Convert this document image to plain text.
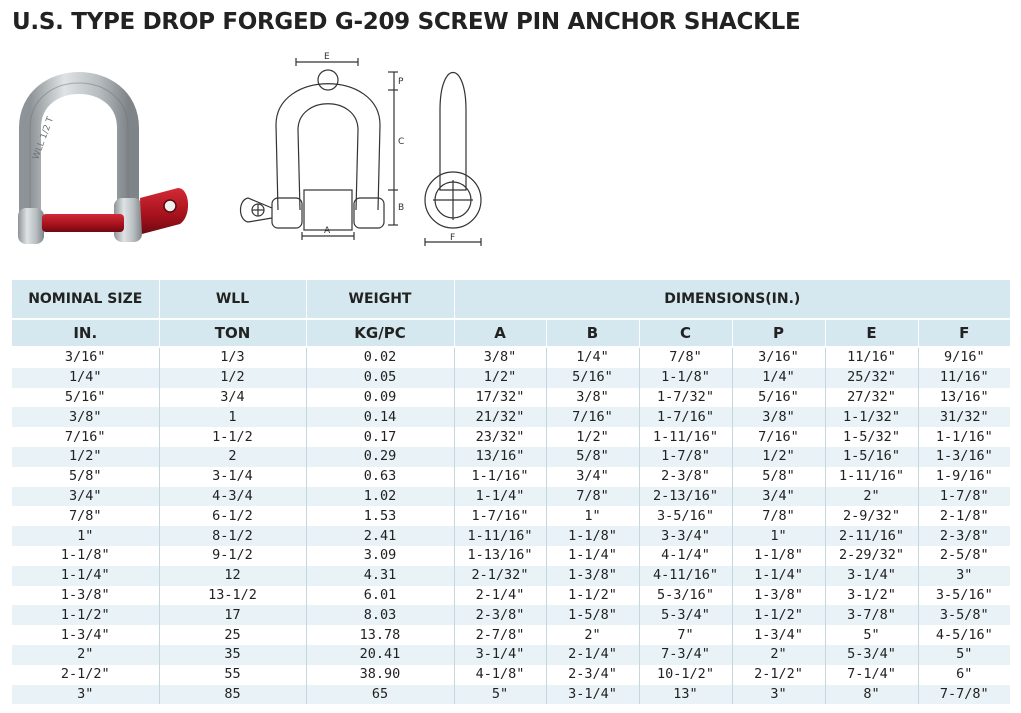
U.S. TYPE DROP FORGED G-209 SCREW PIN ANCHOR SHACKLE
WLL 1/2 T
E
P
C
B
A
F
NOMINAL SIZE	WLL	WEIGHT	DIMENSIONS(IN.)					
IN.	TON	KG/PC	A	B	C	P	E	F
3/16"	1/3	0.02	3/8"	1/4"	7/8"	3/16"	11/16"	9/16"
1/4"	1/2	0.05	1/2"	5/16"	1-1/8"	1/4"	25/32"	11/16"
5/16"	3/4	0.09	17/32"	3/8"	1-7/32"	5/16"	27/32"	13/16"
3/8"	1	0.14	21/32"	7/16"	1-7/16"	3/8"	1-1/32"	31/32"
7/16"	1-1/2	0.17	23/32"	1/2"	1-11/16"	7/16"	1-5/32"	1-1/16"
1/2"	2	0.29	13/16"	5/8"	1-7/8"	1/2"	1-5/16"	1-3/16"
5/8"	3-1/4	0.63	1-1/16"	3/4"	2-3/8"	5/8"	1-11/16"	1-9/16"
3/4"	4-3/4	1.02	1-1/4"	7/8"	2-13/16"	3/4"	2"	1-7/8"
7/8"	6-1/2	1.53	1-7/16"	1"	3-5/16"	7/8"	2-9/32"	2-1/8"
1"	8-1/2	2.41	1-11/16"	1-1/8"	3-3/4"	1"	2-11/16"	2-3/8"
1-1/8"	9-1/2	3.09	1-13/16"	1-1/4"	4-1/4"	1-1/8"	2-29/32"	2-5/8"
1-1/4"	12	4.31	2-1/32"	1-3/8"	4-11/16"	1-1/4"	3-1/4"	3"
1-3/8"	13-1/2	6.01	2-1/4"	1-1/2"	5-3/16"	1-3/8"	3-1/2"	3-5/16"
1-1/2"	17	8.03	2-3/8"	1-5/8"	5-3/4"	1-1/2"	3-7/8"	3-5/8"
1-3/4"	25	13.78	2-7/8"	2"	7"	1-3/4"	5"	4-5/16"
2"	35	20.41	3-1/4"	2-1/4"	7-3/4"	2"	5-3/4"	5"
2-1/2"	55	38.90	4-1/8"	2-3/4"	10-1/2"	2-1/2"	7-1/4"	6"
3"	85	65	5"	3-1/4"	13"	3"	8"	7-7/8"
